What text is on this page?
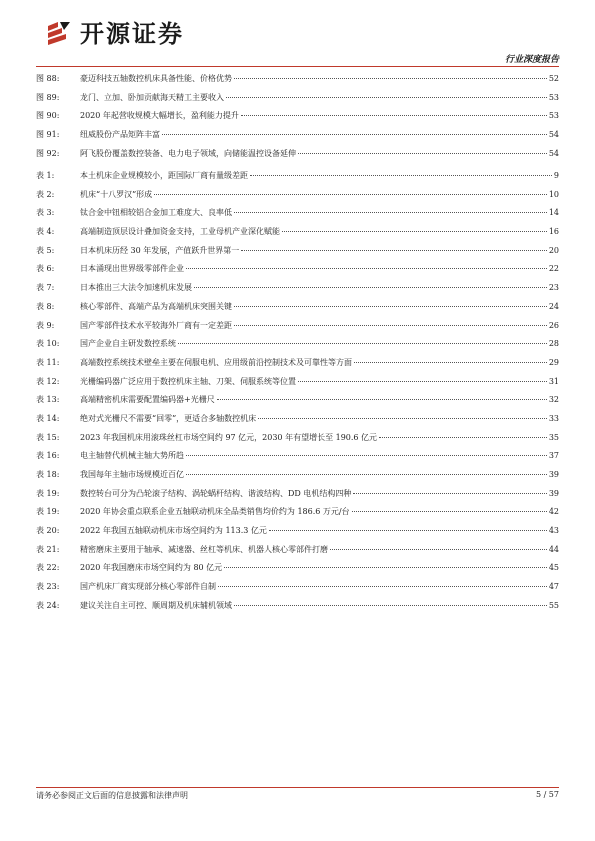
开源证券
行业深度报告
图 88:	豪迈科技五轴数控机床具备性能、价格优势	52
图 89:	龙门、立加、卧加贡献海天精工主要收入	53
图 90:	2020 年起营收规模大幅增长，盈利能力提升	53
图 91:	纽威股份产品矩阵丰富	54
图 92:	阿飞股份覆盖数控装备、电力电子领域，向储能温控设备延伸	54
表 1:	本土机床企业规模较小，距国际厂商有量级差距	9
表 2:	机床“十八罗汉”形成	10
表 3:	钛合金中钮相较铝合金加工难度大、良率低	14
表 4:	高端制造顶层设计叠加资金支持，工业母机产业深化赋能	16
表 5:	日本机床历经 30 年发展，产值跃升世界第一	20
表 6:	日本涌现出世界级零部件企业	22
表 7:	日本推出三大法令加速机床发展	23
表 8:	核心零部件、高端产品为高端机床突围关键	24
表 9:	国产零部件技术水平较海外厂商有一定差距	26
表 10:	国产企业自主研发数控系统	28
表 11:	高端数控系统技术壁垒主要在伺服电机、应用级前沿控制技术及可靠性等方面	29
表 12:	光栅编码器广泛应用于数控机床主轴、刀架、伺服系统等位置	31
表 13:	高端精密机床需要配置编码器+光栅尺	32
表 14:	绝对式光栅尺不需要“回零”，更适合多轴数控机床	33
表 15:	2023 年我国机床用滚珠丝杠市场空间约 97 亿元，2030 年有望增长至 190.6 亿元	35
表 16:	电主轴替代机械主轴大势所趋	37
表 18:	我国每年主轴市场规模近百亿	39
表 19:	数控转台可分为凸轮滚子结构、涡轮蜗杆结构、谐波结构、DD 电机结构四种	39
表 19:	2020 年协会重点联系企业五轴联动机床全品类销售均价约为 186.6 万元/台	42
表 20:	2022 年我国五轴联动机床市场空间约为 113.3 亿元	43
表 21:	精密磨床主要用于轴承、减速器、丝杠等机床、机器人核心零部件打磨	44
表 22:	2020 年我国磨床市场空间约为 80 亿元	45
表 23:	国产机床厂商实现部分核心零部件自制	47
表 24:	建议关注自主可控、顺周期及机床辅机领域	55
请务必参阅正文后面的信息披露和法律声明	5 / 57
